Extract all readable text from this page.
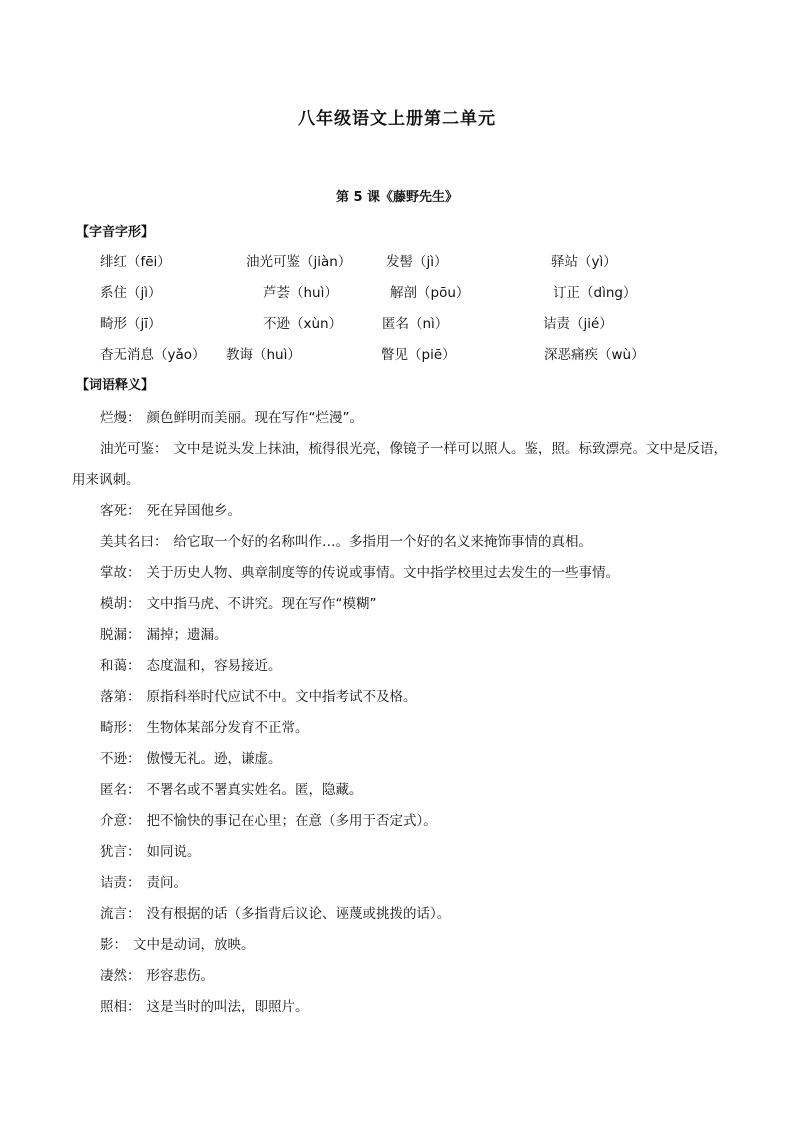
八年级语文上册第二单元
第 5 课《藤野先生》
【字音字形】
绯红（fēi）	油光可鉴（jiàn）	发髻（jì）	驿站（yì）
系住（jì）	芦荟（huì）	解剖（pōu）	订正（dìng）
畸形（jī）	不逊（xùn）	匿名（nì）	诘责（jié）
杳无消息（yǎo） 教诲（huì）	瞥见（piē）	深恶痛疾（wù）
【词语释义】

烂熳： 颜色鲜明而美丽。现在写作“烂漫”。

油光可鉴： 文中是说头发上抹油，梳得很光亮，像镜子一样可以照人。鉴，照。标致漂亮。文中是反语，用来讽刺。

客死： 死在异国他乡。

美其名曰： 给它取一个好的名称叫作…。多指用一个好的名义来掩饰事情的真相。

掌故： 关于历史人物、典章制度等的传说或事情。文中指学校里过去发生的一些事情。

模胡： 文中指马虎、不讲究。现在写作“模糊”

脱漏： 漏掉；遗漏。

和蔼： 态度温和，容易接近。

落第： 原指科举时代应试不中。文中指考试不及格。

畸形： 生物体某部分发育不正常。

不逊： 傲慢无礼。逊，谦虚。

匿名： 不署名或不署真实姓名。匿，隐藏。

介意： 把不愉快的事记在心里；在意（多用于否定式）。

犹言： 如同说。

诘责： 责问。

流言： 没有根据的话（多指背后议论、诬蔑或挑拨的话）。

影： 文中是动词，放映。

凄然： 形容悲伤。

照相： 这是当时的叫法，即照片。
